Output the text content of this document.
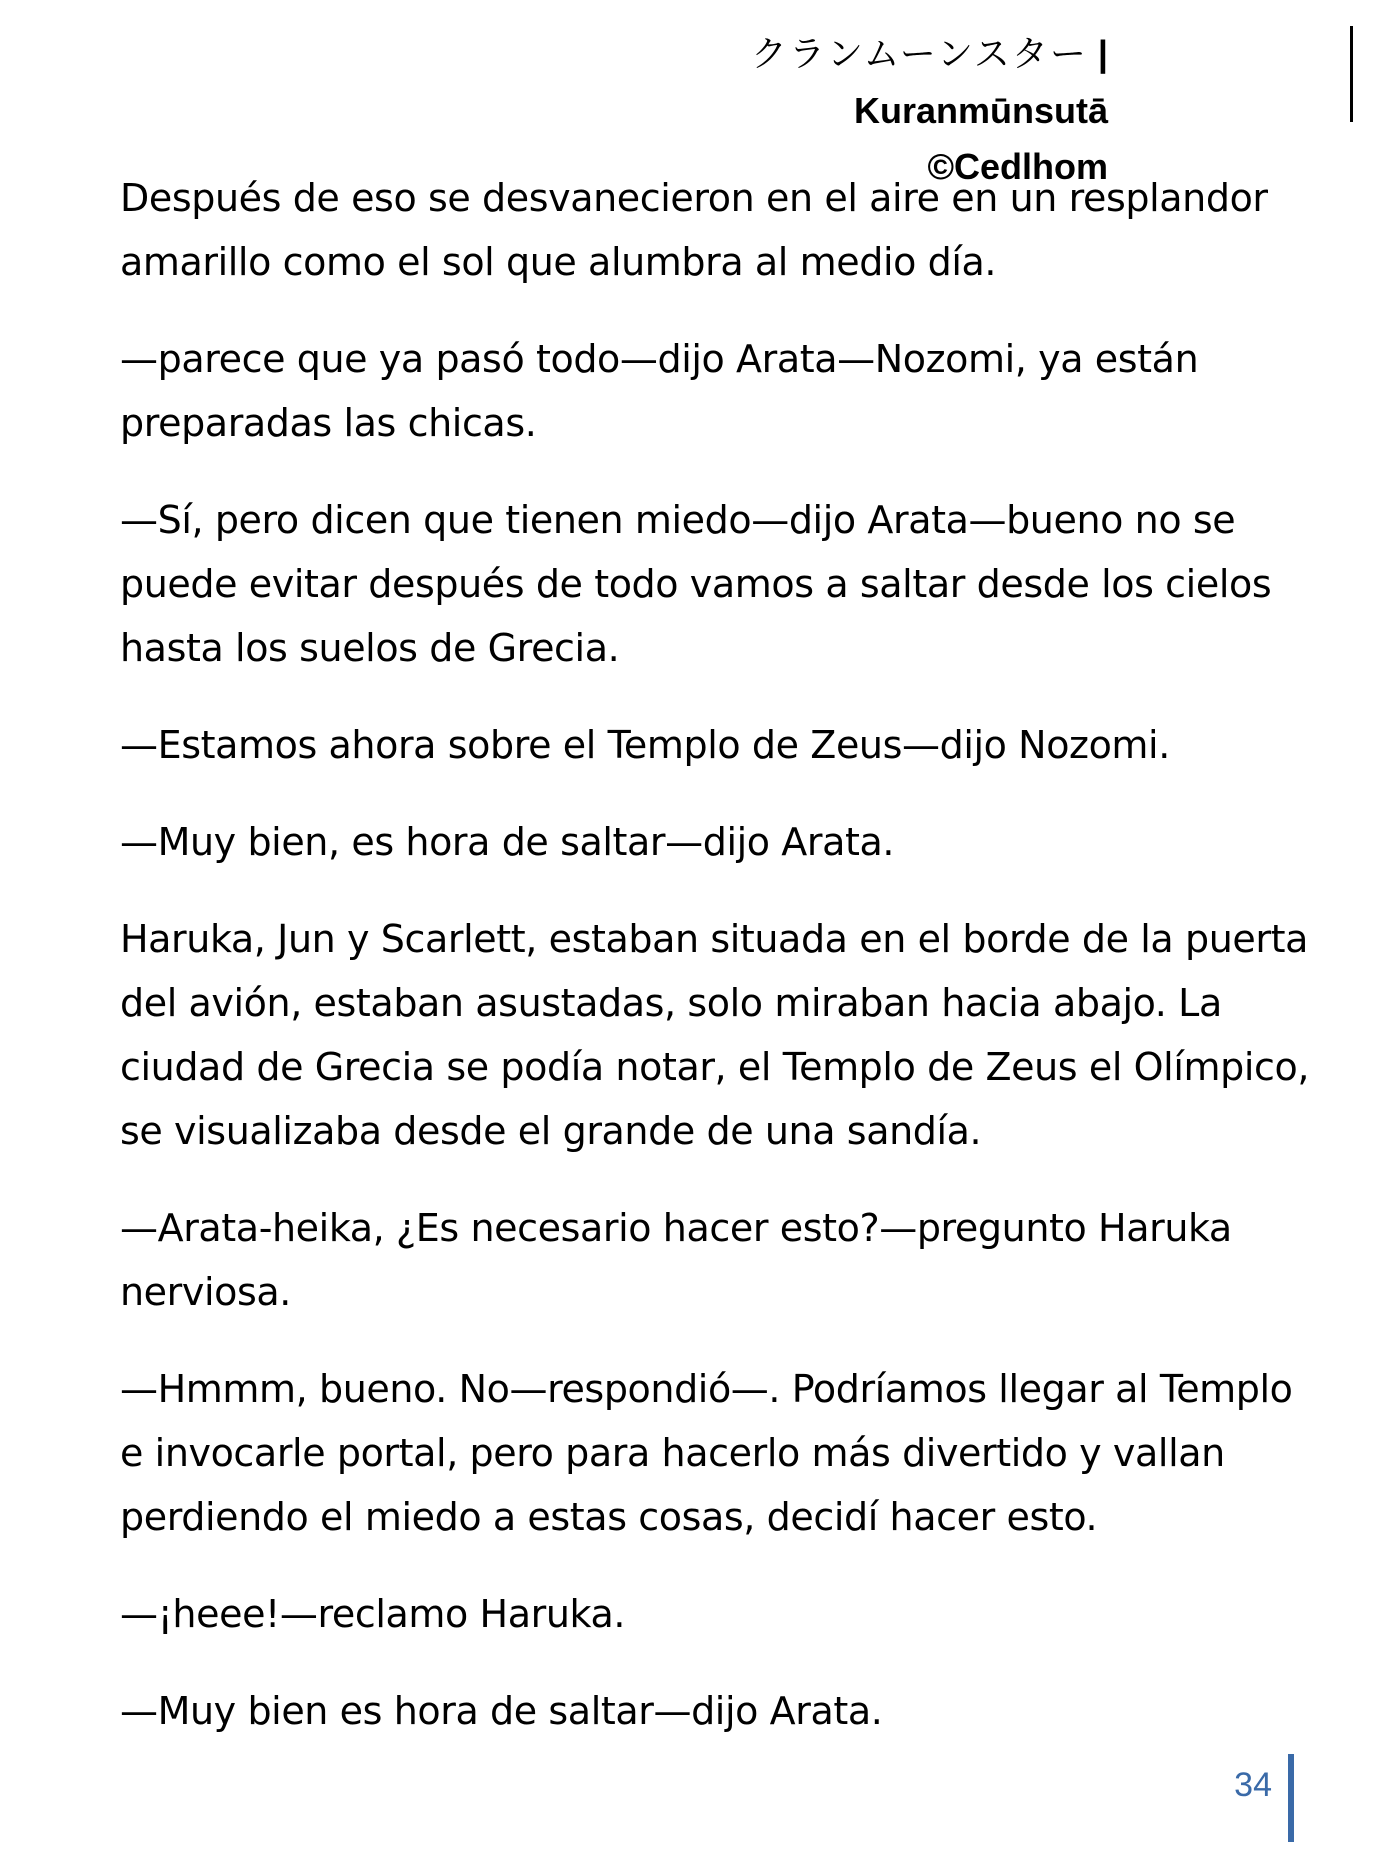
クランムーンスター | Kuranmūnsutā
©Cedlhom

Después de eso se desvanecieron en el aire en un resplandor amarillo como el sol que alumbra al medio día.

—parece que ya pasó todo—dijo Arata—Nozomi, ya están preparadas las chicas.

—Sí, pero dicen que tienen miedo—dijo Arata—bueno no se puede evitar después de todo vamos a saltar desde los cielos hasta los suelos de Grecia.

—Estamos ahora sobre el Templo de Zeus—dijo Nozomi.

—Muy bien, es hora de saltar—dijo Arata.

Haruka, Jun y Scarlett, estaban situada en el borde de la puerta del avión, estaban asustadas, solo miraban hacia abajo. La ciudad de Grecia se podía notar, el Templo de Zeus el Olímpico, se visualizaba desde el grande de una sandía.

—Arata-heika, ¿Es necesario hacer esto?—pregunto Haruka nerviosa.

—Hmmm, bueno. No—respondió—. Podríamos llegar al Templo e invocarle portal, pero para hacerlo más divertido y vallan perdiendo el miedo a estas cosas, decidí hacer esto.

—¡heee!—reclamo Haruka.

—Muy bien es hora de saltar—dijo Arata.

34
